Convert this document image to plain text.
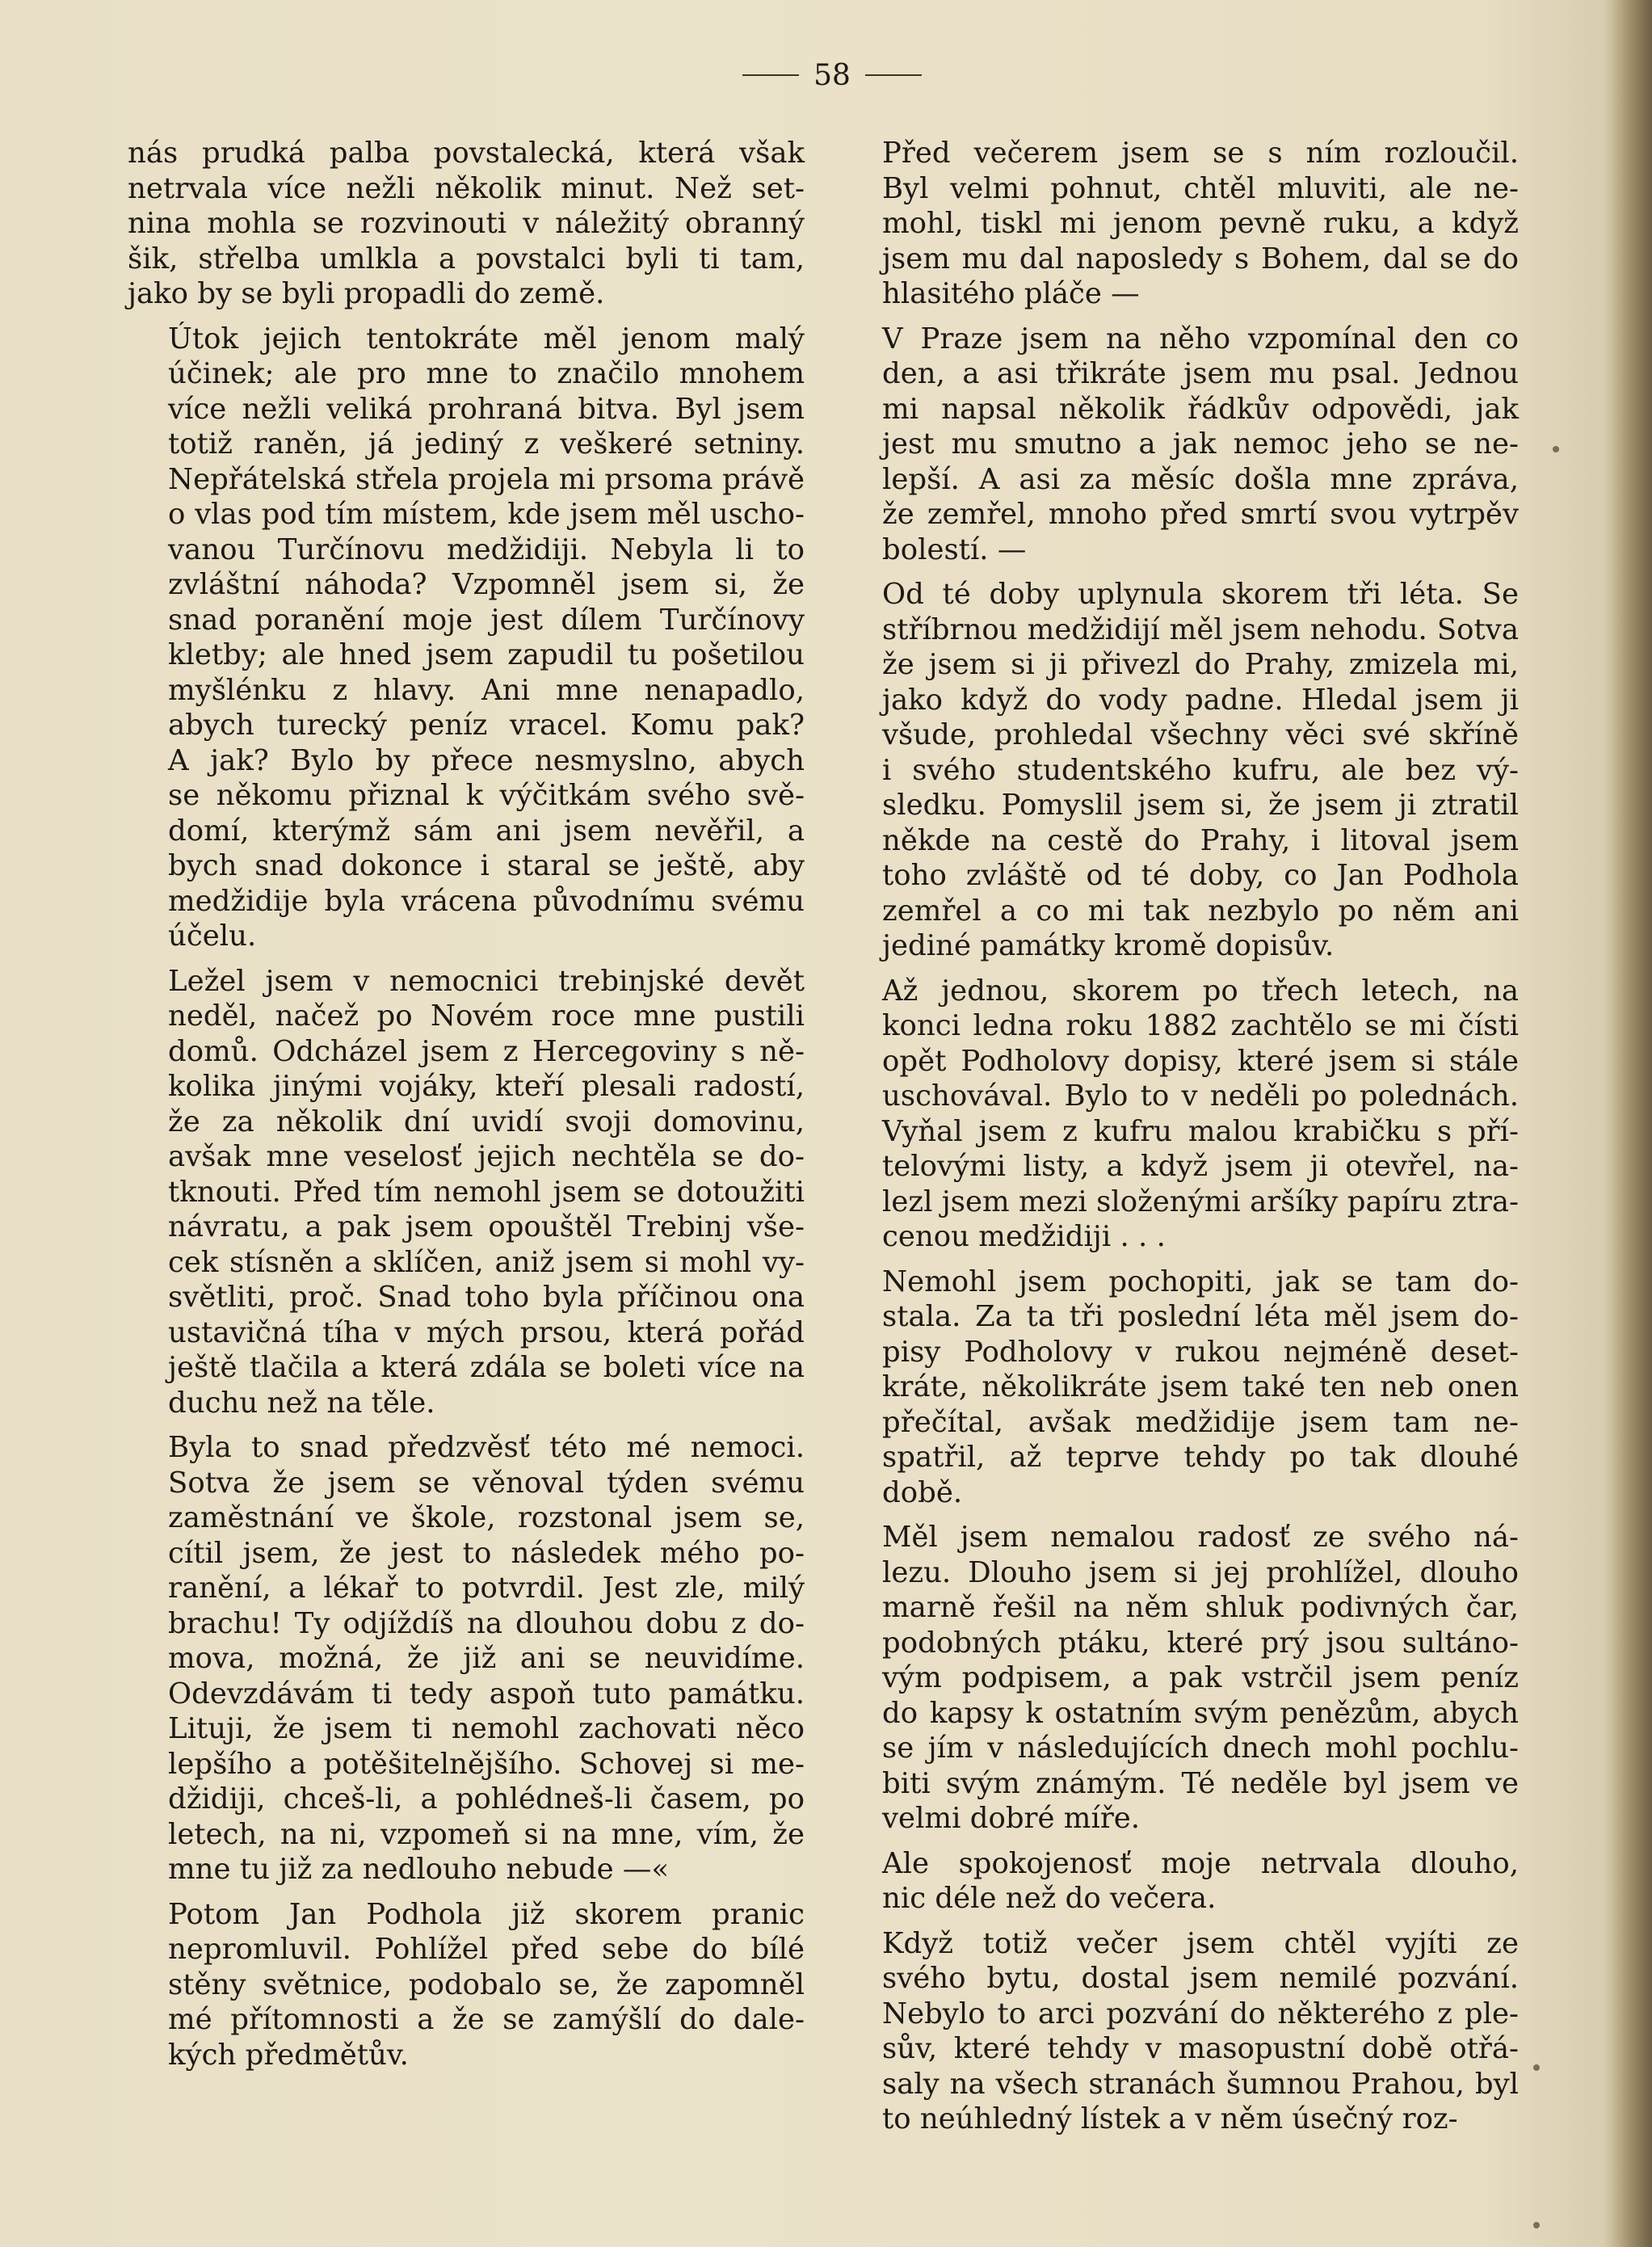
58

nás prudká palba povstalecká, která však
netrvala více nežli několik minut. Než set-
nina mohla se rozvinouti v náležitý obranný
šik, střelba umlkla a povstalci byli ti tam,
jako by se byli propadli do země.

Útok jejich tentokráte měl jenom malý
účinek; ale pro mne to značilo mnohem
více nežli veliká prohraná bitva. Byl jsem
totiž raněn, já jediný z veškeré setniny.
Nepřátelská střela projela mi prsoma právě
o vlas pod tím místem, kde jsem měl uscho-
vanou Turčínovu medžidiji. Nebyla li to
zvláštní náhoda? Vzpomněl jsem si, že
snad poranění moje jest dílem Turčínovy
kletby; ale hned jsem zapudil tu pošetilou
myšlénku z hlavy. Ani mne nenapadlo,
abych turecký peníz vracel. Komu pak?
A jak? Bylo by přece nesmyslno, abych
se někomu přiznal k výčitkám svého svě-
domí, kterýmž sám ani jsem nevěřil, a
bych snad dokonce i staral se ještě, aby
medžidije byla vrácena původnímu svému
účelu.

Ležel jsem v nemocnici trebinjské devět
neděl, načež po Novém roce mne pustili
domů. Odcházel jsem z Hercegoviny s ně-
kolika jinými vojáky, kteří plesali radostí,
že za několik dní uvidí svoji domovinu,
avšak mne veselosť jejich nechtěla se do-
tknouti. Před tím nemohl jsem se dotoužiti
návratu, a pak jsem opouštěl Trebinj vše-
cek stísněn a sklíčen, aniž jsem si mohl vy-
světliti, proč. Snad toho byla příčinou ona
ustavičná tíha v mých prsou, která pořád
ještě tlačila a která zdála se boleti více na
duchu než na těle.

Byla to snad předzvěsť této mé nemoci.
Sotva že jsem se věnoval týden svému
zaměstnání ve škole, rozstonal jsem se,
cítil jsem, že jest to následek mého po-
ranění, a lékař to potvrdil. Jest zle, milý
brachu! Ty odjíždíš na dlouhou dobu z do-
mova, možná, že již ani se neuvidíme.
Odevzdávám ti tedy aspoň tuto památku.
Lituji, že jsem ti nemohl zachovati něco
lepšího a potěšitelnějšího. Schovej si me-
džidiji, chceš-li, a pohlédneš-li časem, po
letech, na ni, vzpomeň si na mne, vím, že
mne tu již za nedlouho nebude —«

Potom Jan Podhola již skorem pranic
nepromluvil. Pohlížel před sebe do bílé
stěny světnice, podobalo se, že zapomněl
mé přítomnosti a že se zamýšlí do dale-
kých předmětův.

Před večerem jsem se s ním rozloučil.
Byl velmi pohnut, chtěl mluviti, ale ne-
mohl, tiskl mi jenom pevně ruku, a když
jsem mu dal naposledy s Bohem, dal se do
hlasitého pláče —

V Praze jsem na něho vzpomínal den co
den, a asi třikráte jsem mu psal. Jednou
mi napsal několik řádkův odpovědi, jak
jest mu smutno a jak nemoc jeho se ne-
lepší. A asi za měsíc došla mne zpráva,
že zemřel, mnoho před smrtí svou vytrpěv
bolestí. —

Od té doby uplynula skorem tři léta. Se
stříbrnou medžidijí měl jsem nehodu. Sotva
že jsem si ji přivezl do Prahy, zmizela mi,
jako když do vody padne. Hledal jsem ji
všude, prohledal všechny věci své skříně
i svého studentského kufru, ale bez vý-
sledku. Pomyslil jsem si, že jsem ji ztratil
někde na cestě do Prahy, i litoval jsem
toho zvláště od té doby, co Jan Podhola
zemřel a co mi tak nezbylo po něm ani
jediné památky kromě dopisův.

Až jednou, skorem po třech letech, na
konci ledna roku 1882 zachtělo se mi čísti
opět Podholovy dopisy, které jsem si stále
uschovával. Bylo to v neděli po polednách.
Vyňal jsem z kufru malou krabičku s pří-
telovými listy, a když jsem ji otevřel, na-
lezl jsem mezi složenými aršíky papíru ztra-
cenou medžidiji . . .

Nemohl jsem pochopiti, jak se tam do-
stala. Za ta tři poslední léta měl jsem do-
pisy Podholovy v rukou nejméně deset-
kráte, několikráte jsem také ten neb onen
přečítal, avšak medžidije jsem tam ne-
spatřil, až teprve tehdy po tak dlouhé
době.

Měl jsem nemalou radosť ze svého ná-
lezu. Dlouho jsem si jej prohlížel, dlouho
marně řešil na něm shluk podivných čar,
podobných ptáku, které prý jsou sultáno-
vým podpisem, a pak vstrčil jsem peníz
do kapsy k ostatním svým penězům, abych
se jím v následujících dnech mohl pochlu-
biti svým známým. Té neděle byl jsem ve
velmi dobré míře.

Ale spokojenosť moje netrvala dlouho,
nic déle než do večera.

Když totiž večer jsem chtěl vyjíti ze
svého bytu, dostal jsem nemilé pozvání.
Nebylo to arci pozvání do některého z ple-
sův, které tehdy v masopustní době otřá-
saly na všech stranách šumnou Prahou, byl
to neúhledný lístek a v něm úsečný roz-
